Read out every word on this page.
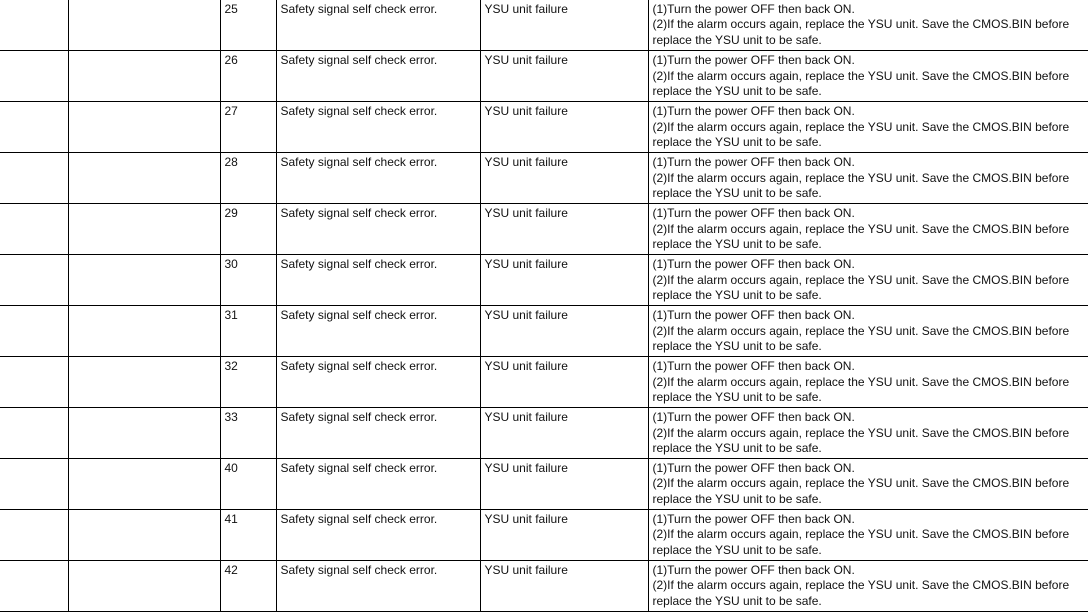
		25	Safety signal self check error.	YSU unit failure	(1)Turn the power OFF then back ON.
(2)If the alarm occurs again, replace the YSU unit. Save the CMOS.BIN before
replace the YSU unit to be safe.

		26	Safety signal self check error.	YSU unit failure	(1)Turn the power OFF then back ON.
(2)If the alarm occurs again, replace the YSU unit. Save the CMOS.BIN before
replace the YSU unit to be safe.

		27	Safety signal self check error.	YSU unit failure	(1)Turn the power OFF then back ON.
(2)If the alarm occurs again, replace the YSU unit. Save the CMOS.BIN before
replace the YSU unit to be safe.

		28	Safety signal self check error.	YSU unit failure	(1)Turn the power OFF then back ON.
(2)If the alarm occurs again, replace the YSU unit. Save the CMOS.BIN before
replace the YSU unit to be safe.

		29	Safety signal self check error.	YSU unit failure	(1)Turn the power OFF then back ON.
(2)If the alarm occurs again, replace the YSU unit. Save the CMOS.BIN before
replace the YSU unit to be safe.

		30	Safety signal self check error.	YSU unit failure	(1)Turn the power OFF then back ON.
(2)If the alarm occurs again, replace the YSU unit. Save the CMOS.BIN before
replace the YSU unit to be safe.

		31	Safety signal self check error.	YSU unit failure	(1)Turn the power OFF then back ON.
(2)If the alarm occurs again, replace the YSU unit. Save the CMOS.BIN before
replace the YSU unit to be safe.

		32	Safety signal self check error.	YSU unit failure	(1)Turn the power OFF then back ON.
(2)If the alarm occurs again, replace the YSU unit. Save the CMOS.BIN before
replace the YSU unit to be safe.

		33	Safety signal self check error.	YSU unit failure	(1)Turn the power OFF then back ON.
(2)If the alarm occurs again, replace the YSU unit. Save the CMOS.BIN before
replace the YSU unit to be safe.

		40	Safety signal self check error.	YSU unit failure	(1)Turn the power OFF then back ON.
(2)If the alarm occurs again, replace the YSU unit. Save the CMOS.BIN before
replace the YSU unit to be safe.

		41	Safety signal self check error.	YSU unit failure	(1)Turn the power OFF then back ON.
(2)If the alarm occurs again, replace the YSU unit. Save the CMOS.BIN before
replace the YSU unit to be safe.

		42	Safety signal self check error.	YSU unit failure	(1)Turn the power OFF then back ON.
(2)If the alarm occurs again, replace the YSU unit. Save the CMOS.BIN before
replace the YSU unit to be safe.
